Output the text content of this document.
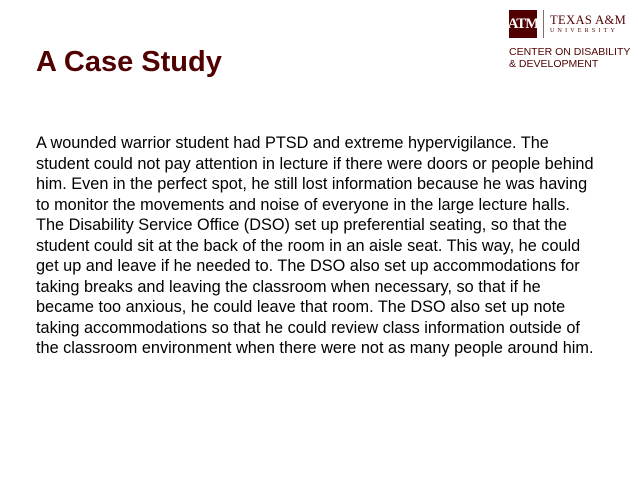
ATM TEXAS A&M
UNIVERSITY
CENTER ON DISABILITY
& DEVELOPMENT
A Case Study

A wounded warrior student had PTSD and extreme hypervigilance. The student could not pay attention in lecture if there were doors or people behind him. Even in the perfect spot, he still lost information because he was having to monitor the movements and noise of everyone in the large lecture halls. The Disability Service Office (DSO) set up preferential seating, so that the student could sit at the back of the room in an aisle seat. This way, he could get up and leave if he needed to. The DSO also set up accommodations for taking breaks and leaving the classroom when necessary, so that if he became too anxious, he could leave that room. The DSO also set up note taking accommodations so that he could review class information outside of the classroom environment when there were not as many people around him.
